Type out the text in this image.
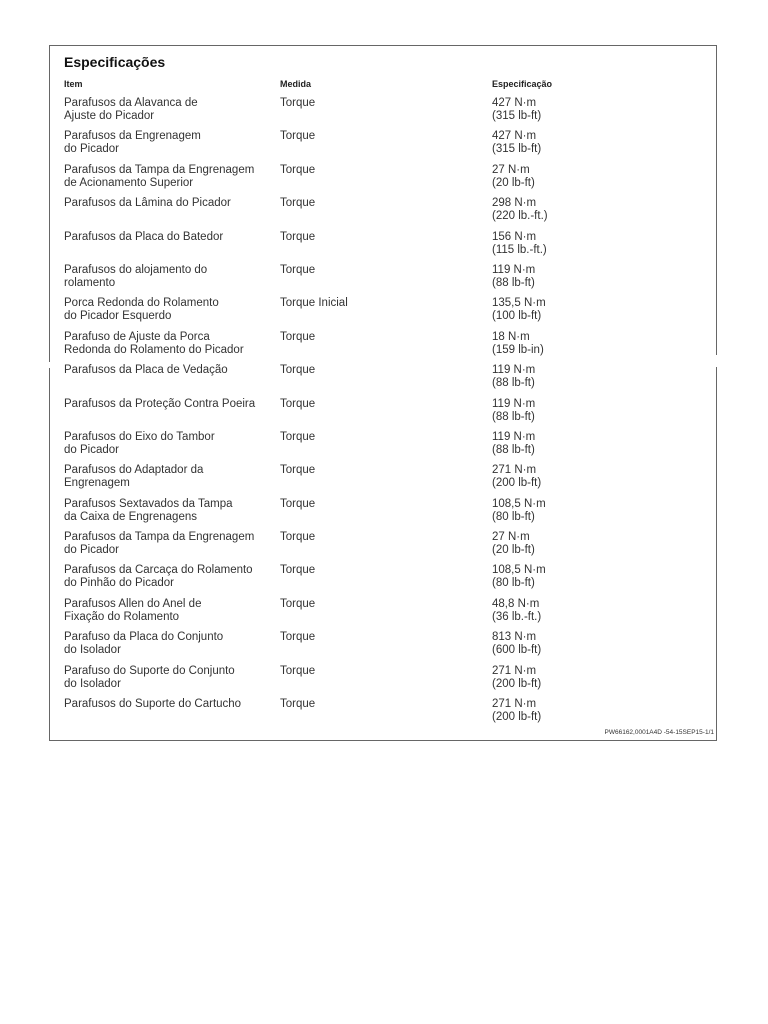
Especificações
Item	Medida	Especificação
Parafusos da Alavanca de
Ajuste do Picador
Torque	427 N·m
(315 lb-ft)
Parafusos da Engrenagem
do Picador
Torque	427 N·m
(315 lb-ft)
Parafusos da Tampa da Engrenagem
de Acionamento Superior
Torque	27 N·m
(20 lb-ft)
Parafusos da Lâmina do Picador	Torque	298 N·m
(220 lb.-ft.)
Parafusos da Placa do Batedor	Torque	156 N·m
(115 lb.-ft.)
Parafusos do alojamento do
rolamento
Torque	119 N·m
(88 lb-ft)
Porca Redonda do Rolamento
do Picador Esquerdo
Torque Inicial	135,5 N·m
(100 lb-ft)
Parafuso de Ajuste da Porca
Redonda do Rolamento do Picador
Torque	18 N·m
(159 lb-in)
Parafusos da Placa de Vedação	Torque	119 N·m
(88 lb-ft)
Parafusos da Proteção Contra Poeira	Torque	119 N·m
(88 lb-ft)
Parafusos do Eixo do Tambor
do Picador
Torque	119 N·m
(88 lb-ft)
Parafusos do Adaptador da
Engrenagem
Torque	271 N·m
(200 lb-ft)
Parafusos Sextavados da Tampa
da Caixa de Engrenagens
Torque	108,5 N·m
(80 lb-ft)
Parafusos da Tampa da Engrenagem
do Picador
Torque	27 N·m
(20 lb-ft)
Parafusos da Carcaça do Rolamento
do Pinhão do Picador
Torque	108,5 N·m
(80 lb-ft)
Parafusos Allen do Anel de
Fixação do Rolamento
Torque	48,8 N·m
(36 lb.-ft.)
Parafuso da Placa do Conjunto
do Isolador
Torque	813 N·m
(600 lb-ft)
Parafuso do Suporte do Conjunto
do Isolador
Torque	271 N·m
(200 lb-ft)
Parafusos do Suporte do Cartucho	Torque	271 N·m
(200 lb-ft)
PW66162,0001A4D -54-15SEP15-1/1
